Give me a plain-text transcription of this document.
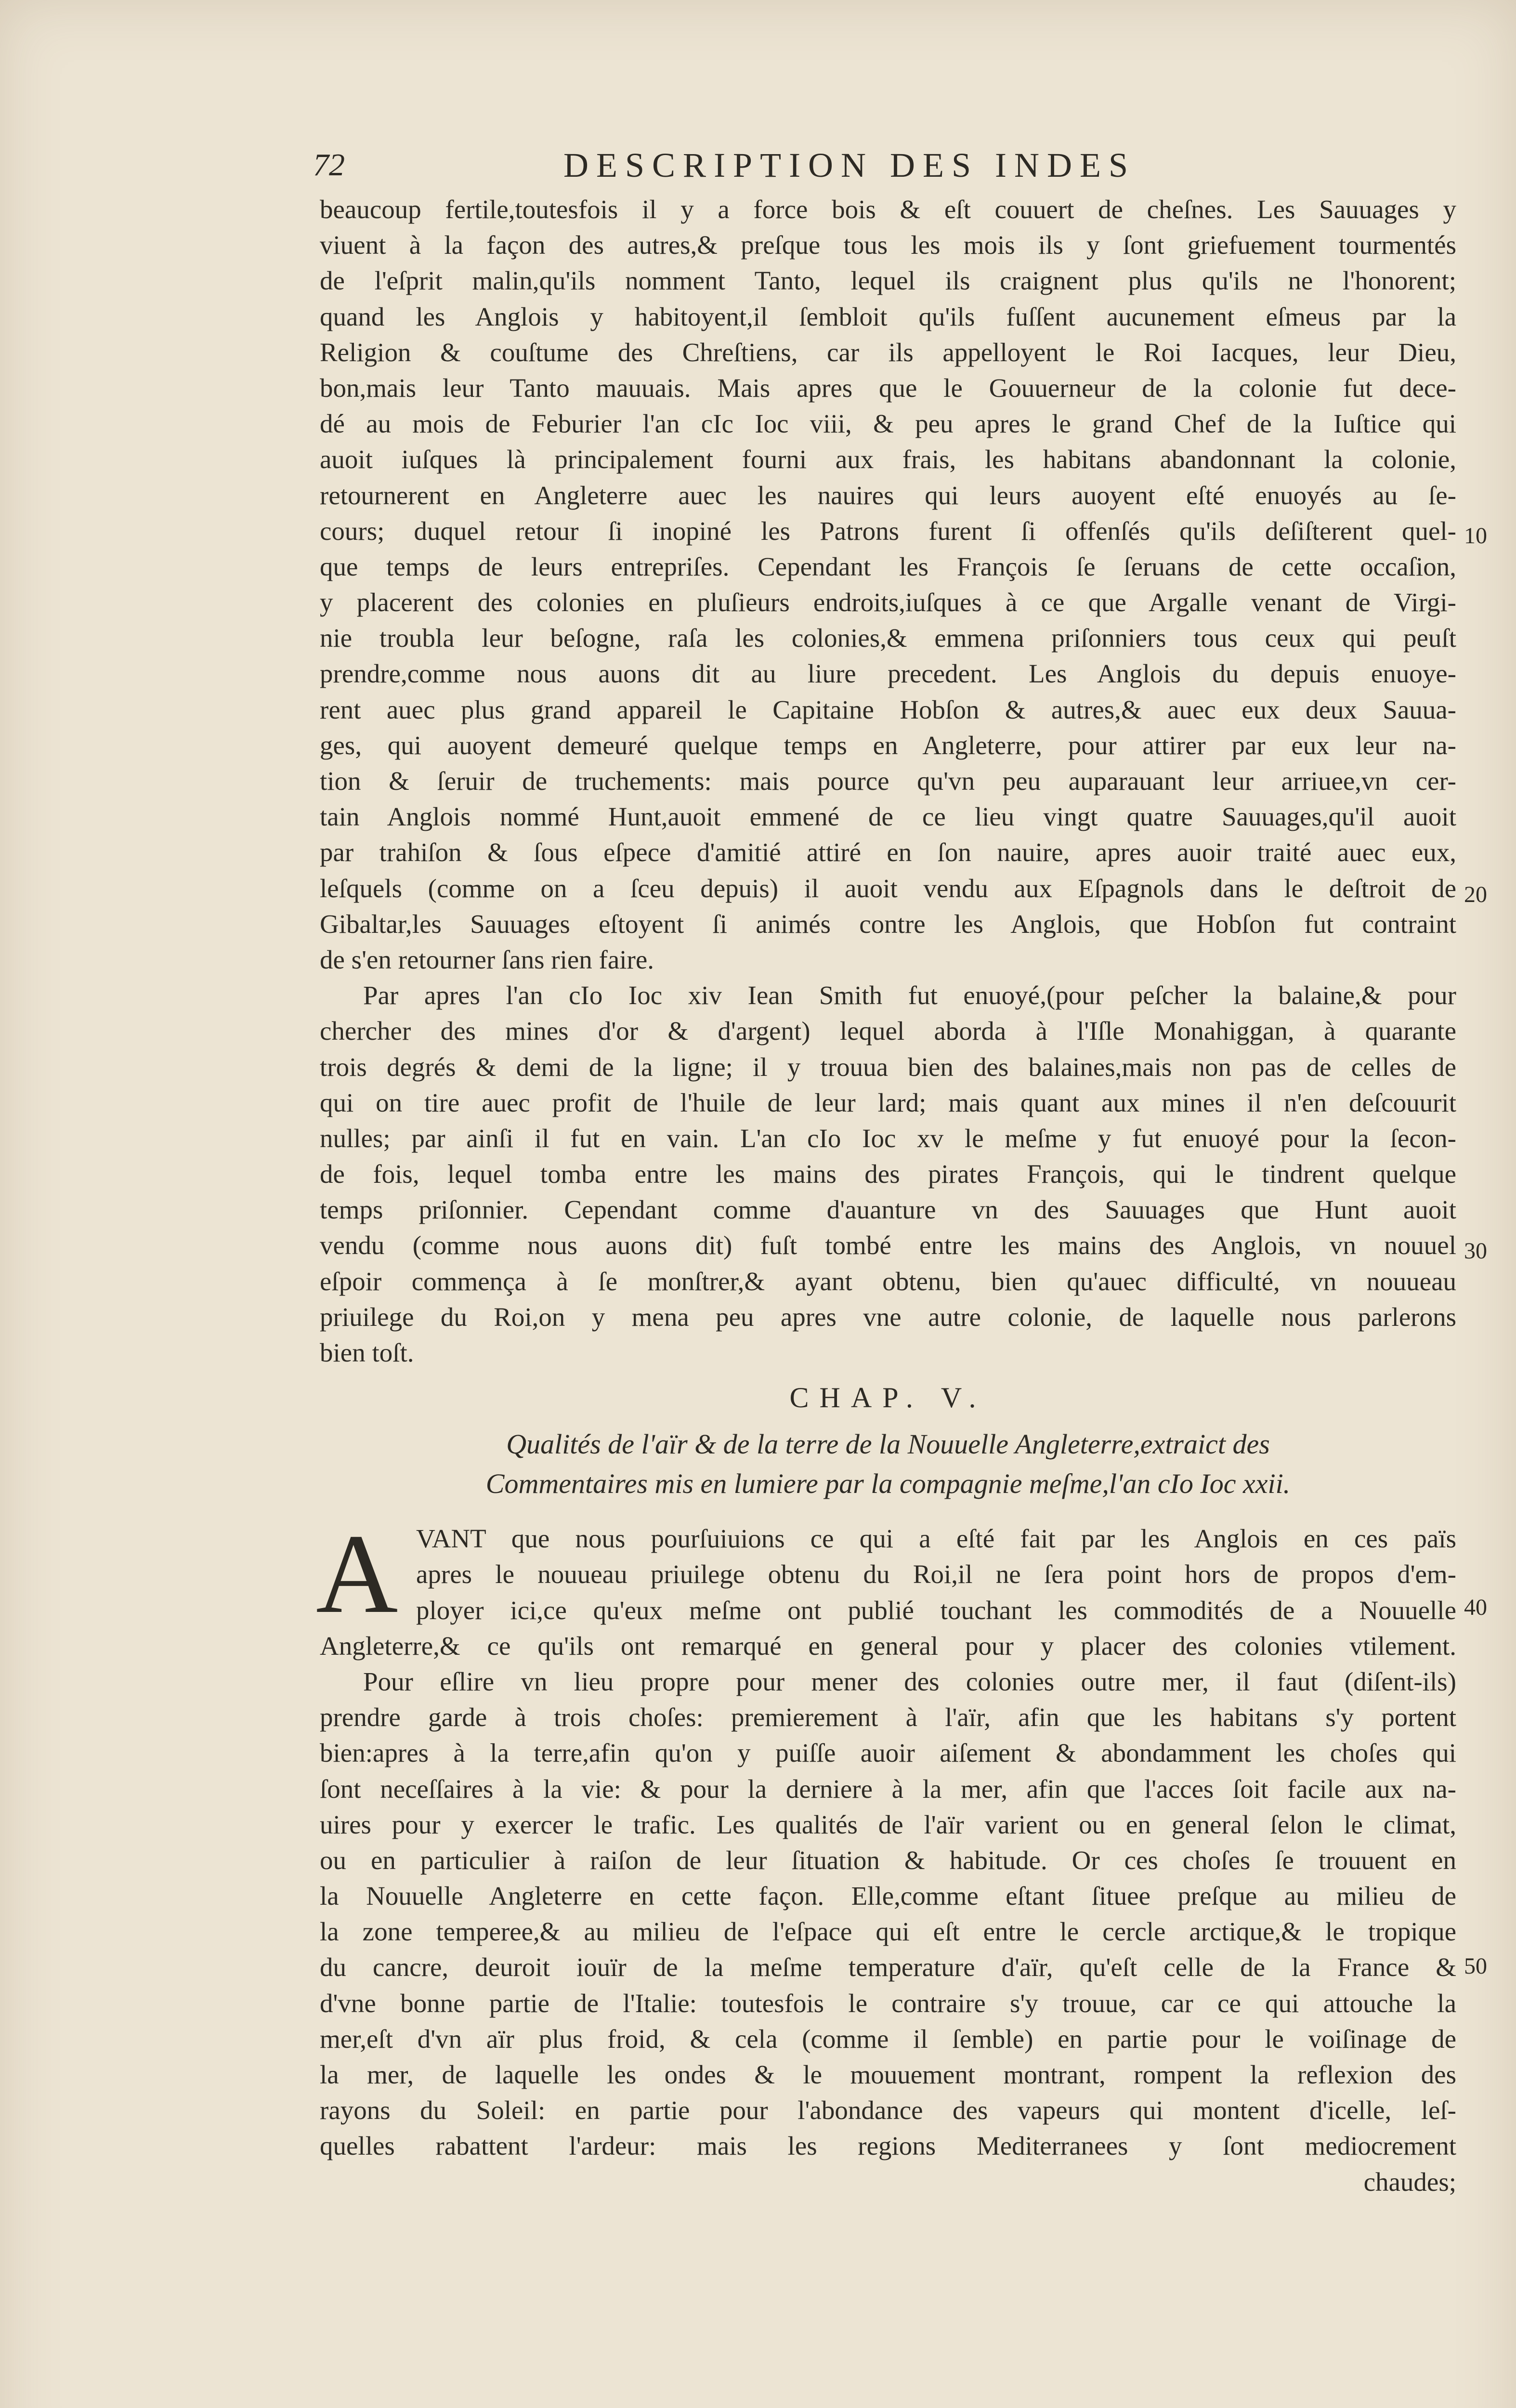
72	DESCRIPTION DES INDES
beaucoup fertile,toutesfois il y a force bois & eſt couuert de cheſnes. Les Sauuages y
viuent à la façon des autres,& preſque tous les mois ils y ſont griefuement tourmentés
de l'eſprit malin,qu'ils nomment Tanto, lequel ils craignent plus qu'ils ne l'honorent;
quand les Anglois y habitoyent,il ſembloit qu'ils fuſſent aucunement eſmeus par la
Religion & couſtume des Chreſtiens, car ils appelloyent le Roi Iacques, leur Dieu,
bon,mais leur Tanto mauuais. Mais apres que le Gouuerneur de la colonie fut dece-
dé au mois de Feburier l'an cIc Ioc viii, & peu apres le grand Chef de la Iuſtice qui
auoit iuſques là principalement fourni aux frais, les habitans abandonnant la colonie,
retournerent en Angleterre auec les nauires qui leurs auoyent eſté enuoyés au ſe-
cours; duquel retour ſi inopiné les Patrons furent ſi offenſés qu'ils deſiſterent quel-
que temps de leurs entrepriſes. Cependant les François ſe ſeruans de cette occaſion,
y placerent des colonies en pluſieurs endroits,iuſques à ce que Argalle venant de Virgi-
nie troubla leur beſogne, raſa les colonies,& emmena priſonniers tous ceux qui peuſt
prendre,comme nous auons dit au liure precedent. Les Anglois du depuis enuoye-
rent auec plus grand appareil le Capitaine Hobſon & autres,& auec eux deux Sauua-
ges, qui auoyent demeuré quelque temps en Angleterre, pour attirer par eux leur na-
tion & ſeruir de truchements: mais pource qu'vn peu auparauant leur arriuee,vn cer-
tain Anglois nommé Hunt,auoit emmené de ce lieu vingt quatre Sauuages,qu'il auoit
par trahiſon & ſous eſpece d'amitié attiré en ſon nauire, apres auoir traité auec eux,
leſquels (comme on a ſceu depuis) il auoit vendu aux Eſpagnols dans le deſtroit de
Gibaltar,les Sauuages eſtoyent ſi animés contre les Anglois, que Hobſon fut contraint
de s'en retourner ſans rien faire.
Par apres l'an cIo Ioc xiv Iean Smith fut enuoyé,(pour peſcher la balaine,& pour
chercher des mines d'or & d'argent) lequel aborda à l'Iſle Monahiggan, à quarante
trois degrés & demi de la ligne; il y trouua bien des balaines,mais non pas de celles de
qui on tire auec profit de l'huile de leur lard; mais quant aux mines il n'en deſcouurit
nulles; par ainſi il fut en vain. L'an cIo Ioc xv le meſme y fut enuoyé pour la ſecon-
de fois, lequel tomba entre les mains des pirates François, qui le tindrent quelque
temps priſonnier. Cependant comme d'auanture vn des Sauuages que Hunt auoit
vendu (comme nous auons dit) fuſt tombé entre les mains des Anglois, vn nouuel
eſpoir commença à ſe monſtrer,& ayant obtenu, bien qu'auec difficulté, vn nouueau
priuilege du Roi,on y mena peu apres vne autre colonie, de laquelle nous parlerons
bien toſt.
CHAP. V.
Qualités de l'aïr & de la terre de la Nouuelle Angleterre,extraict des
Commentaires mis en lumiere par la compagnie meſme,l'an cIo Ioc xxii.
A VANT que nous pourſuiuions ce qui a eſté fait par les Anglois en ces païs
apres le nouueau priuilege obtenu du Roi,il ne ſera point hors de propos d'em-
ployer ici,ce qu'eux meſme ont publié touchant les commodités de a Nouuelle
Angleterre,& ce qu'ils ont remarqué en general pour y placer des colonies vtilement.
Pour eſlire vn lieu propre pour mener des colonies outre mer, il faut (diſent-ils)
prendre garde à trois choſes: premierement à l'aïr, afin que les habitans s'y portent
bien:apres à la terre,afin qu'on y puiſſe auoir aiſement & abondamment les choſes qui
ſont neceſſaires à la vie: & pour la derniere à la mer, afin que l'acces ſoit facile aux na-
uires pour y exercer le trafic. Les qualités de l'aïr varient ou en general ſelon le climat,
ou en particulier à raiſon de leur ſituation & habitude. Or ces choſes ſe trouuent en
la Nouuelle Angleterre en cette façon. Elle,comme eſtant ſituee preſque au milieu de
la zone temperee,& au milieu de l'eſpace qui eſt entre le cercle arctique,& le tropique
du cancre, deuroit iouïr de la meſme temperature d'aïr, qu'eſt celle de la France &
d'vne bonne partie de l'Italie: toutesfois le contraire s'y trouue, car ce qui attouche la
mer,eſt d'vn aïr plus froid, & cela (comme il ſemble) en partie pour le voiſinage de
la mer, de laquelle les ondes & le mouuement montrant, rompent la reflexion des
rayons du Soleil: en partie pour l'abondance des vapeurs qui montent d'icelle, leſ-
quelles rabattent l'ardeur: mais les regions Mediterranees y ſont mediocrement
chaudes;
10
20
30
40
50
